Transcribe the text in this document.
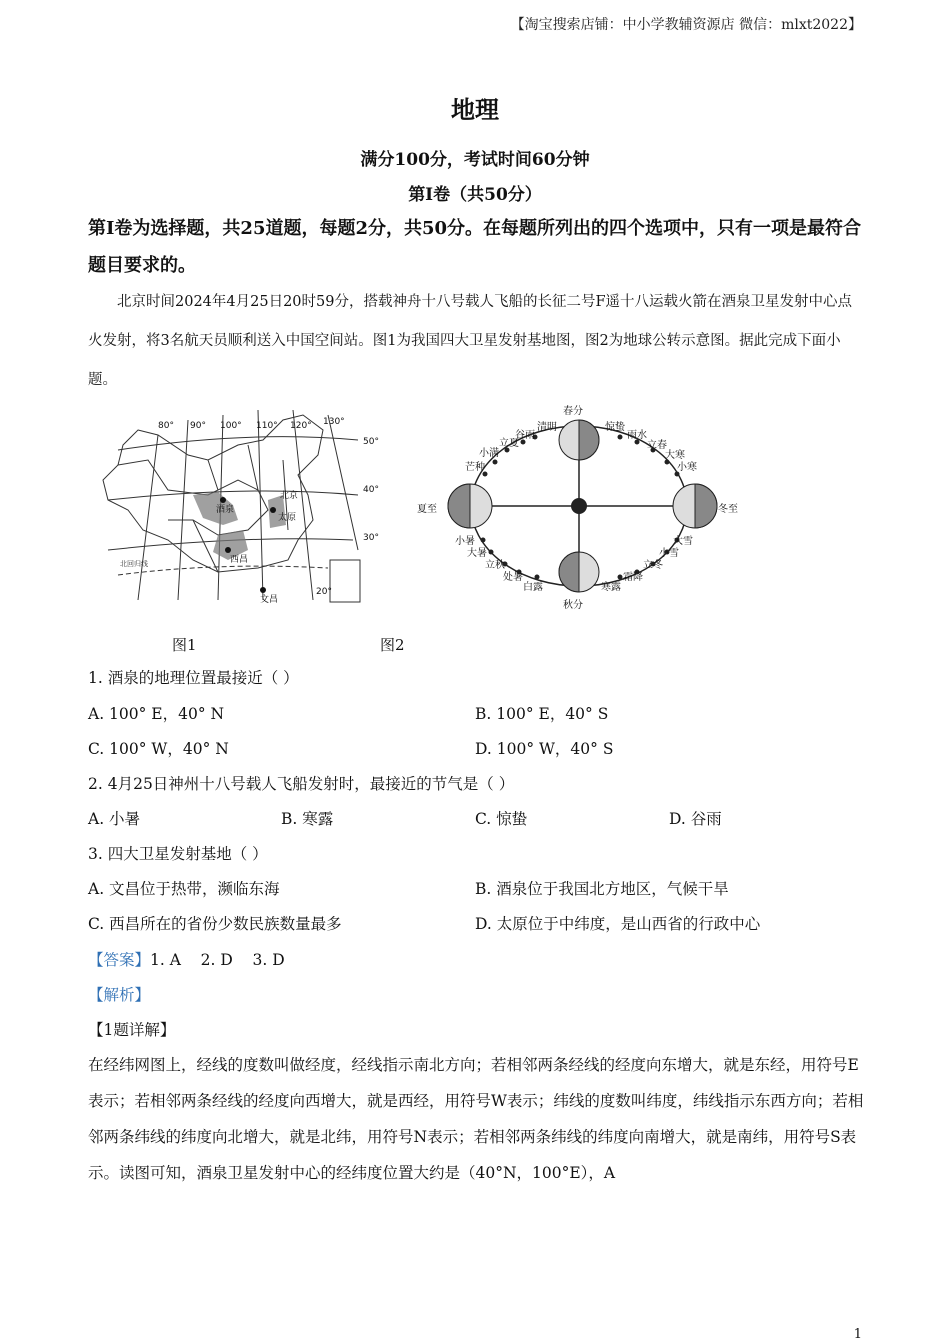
【淘宝搜索店铺：中小学教辅资源店 微信：mlxt2022】
地理
满分100分，考试时间60分钟
第Ⅰ卷（共50分）
第Ⅰ卷为选择题，共25道题，每题2分，共50分。在每题所列出的四个选项中，只有一项是最符合题目要求的。
北京时间2024年4月25日20时59分，搭载神舟十八号载人飞船的长征二号F遥十八运载火箭在酒泉卫星发射中心点火发射，将3名航天员顺利送入中国空间站。图1为我国四大卫星发射基地图，图2为地球公转示意图。据此完成下面小题。
80° 90° 100° 110° 120° 130°
50°
40°
30°
20°
酒泉
北京
太原
西昌
文昌
北回归线
春分
夏至
秋分
冬至
清明
谷雨
立夏
小满
芒种
惊蛰
雨水
立春
大寒
小寒
小暑
大暑
立秋
处暑
白露	寒露
霜降
立冬
小雪
大雪
图1	图2
1. 酒泉的地理位置最接近（ ）
A. 100° E，40° N	B. 100° E，40° S
C. 100° W，40° N	D. 100° W，40° S
2. 4月25日神州十八号载人飞船发射时，最接近的节气是（ ）
A. 小暑	B. 寒露	C. 惊蛰	D. 谷雨
3. 四大卫星发射基地（ ）
A. 文昌位于热带，濒临东海	B. 酒泉位于我国北方地区，气候干旱
C. 西昌所在的省份少数民族数量最多	D. 太原位于中纬度，是山西省的行政中心
【答案】1. A    2. D    3. D
【解析】
【1题详解】
在经纬网图上，经线的度数叫做经度，经线指示南北方向；若相邻两条经线的经度向东增大，就是东经，用符号E表示；若相邻两条经线的经度向西增大，就是西经，用符号W表示；纬线的度数叫纬度，纬线指示东西方向；若相邻两条纬线的纬度向北增大，就是北纬，用符号N表示；若相邻两条纬线的纬度向南增大，就是南纬，用符号S表示。读图可知，酒泉卫星发射中心的经纬度位置大约是（40°N，100°E），A
1
